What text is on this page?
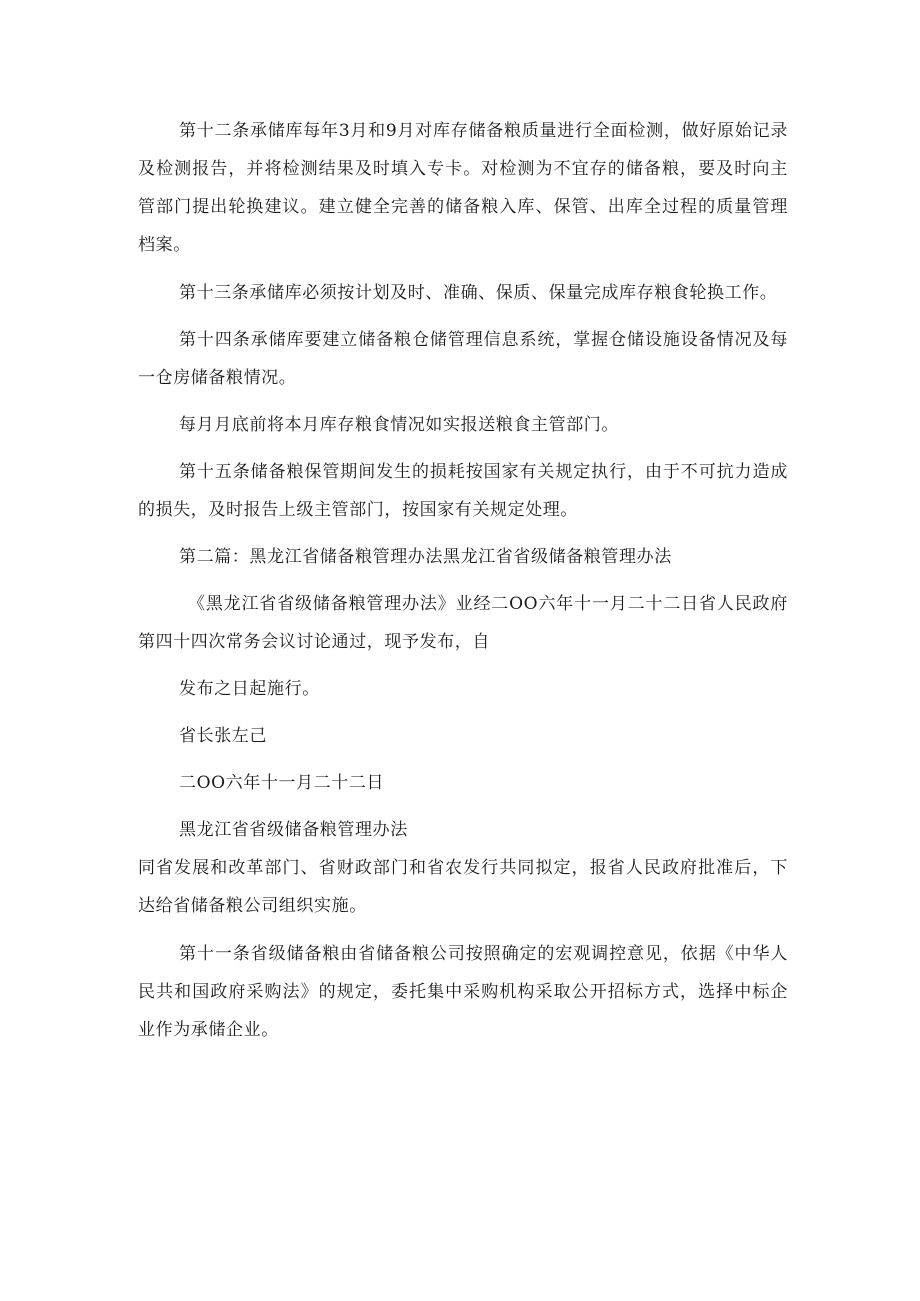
第十二条承储库每年3月和9月对库存储备粮质量进行全面检测，做好原始记录及检测报告，并将检测结果及时填入专卡。对检测为不宜存的储备粮，要及时向主管部门提出轮换建议。建立健全完善的储备粮入库、保管、出库全过程的质量管理档案。

第十三条承储库必须按计划及时、准确、保质、保量完成库存粮食轮换工作。

第十四条承储库要建立储备粮仓储管理信息系统，掌握仓储设施设备情况及每一仓房储备粮情况。

每月月底前将本月库存粮食情况如实报送粮食主管部门。

第十五条储备粮保管期间发生的损耗按国家有关规定执行，由于不可抗力造成的损失，及时报告上级主管部门，按国家有关规定处理。

第二篇：黑龙江省储备粮管理办法黑龙江省省级储备粮管理办法

《黑龙江省省级储备粮管理办法》业经二OO六年十一月二十二日省人民政府第四十四次常务会议讨论通过，现予发布，自

发布之日起施行。

省长张左己

二OO六年十一月二十二日

黑龙江省省级储备粮管理办法

同省发展和改革部门、省财政部门和省农发行共同拟定，报省人民政府批准后，下达给省储备粮公司组织实施。

第十一条省级储备粮由省储备粮公司按照确定的宏观调控意见，依据《中华人民共和国政府采购法》的规定，委托集中采购机构采取公开招标方式，选择中标企业作为承储企业。
